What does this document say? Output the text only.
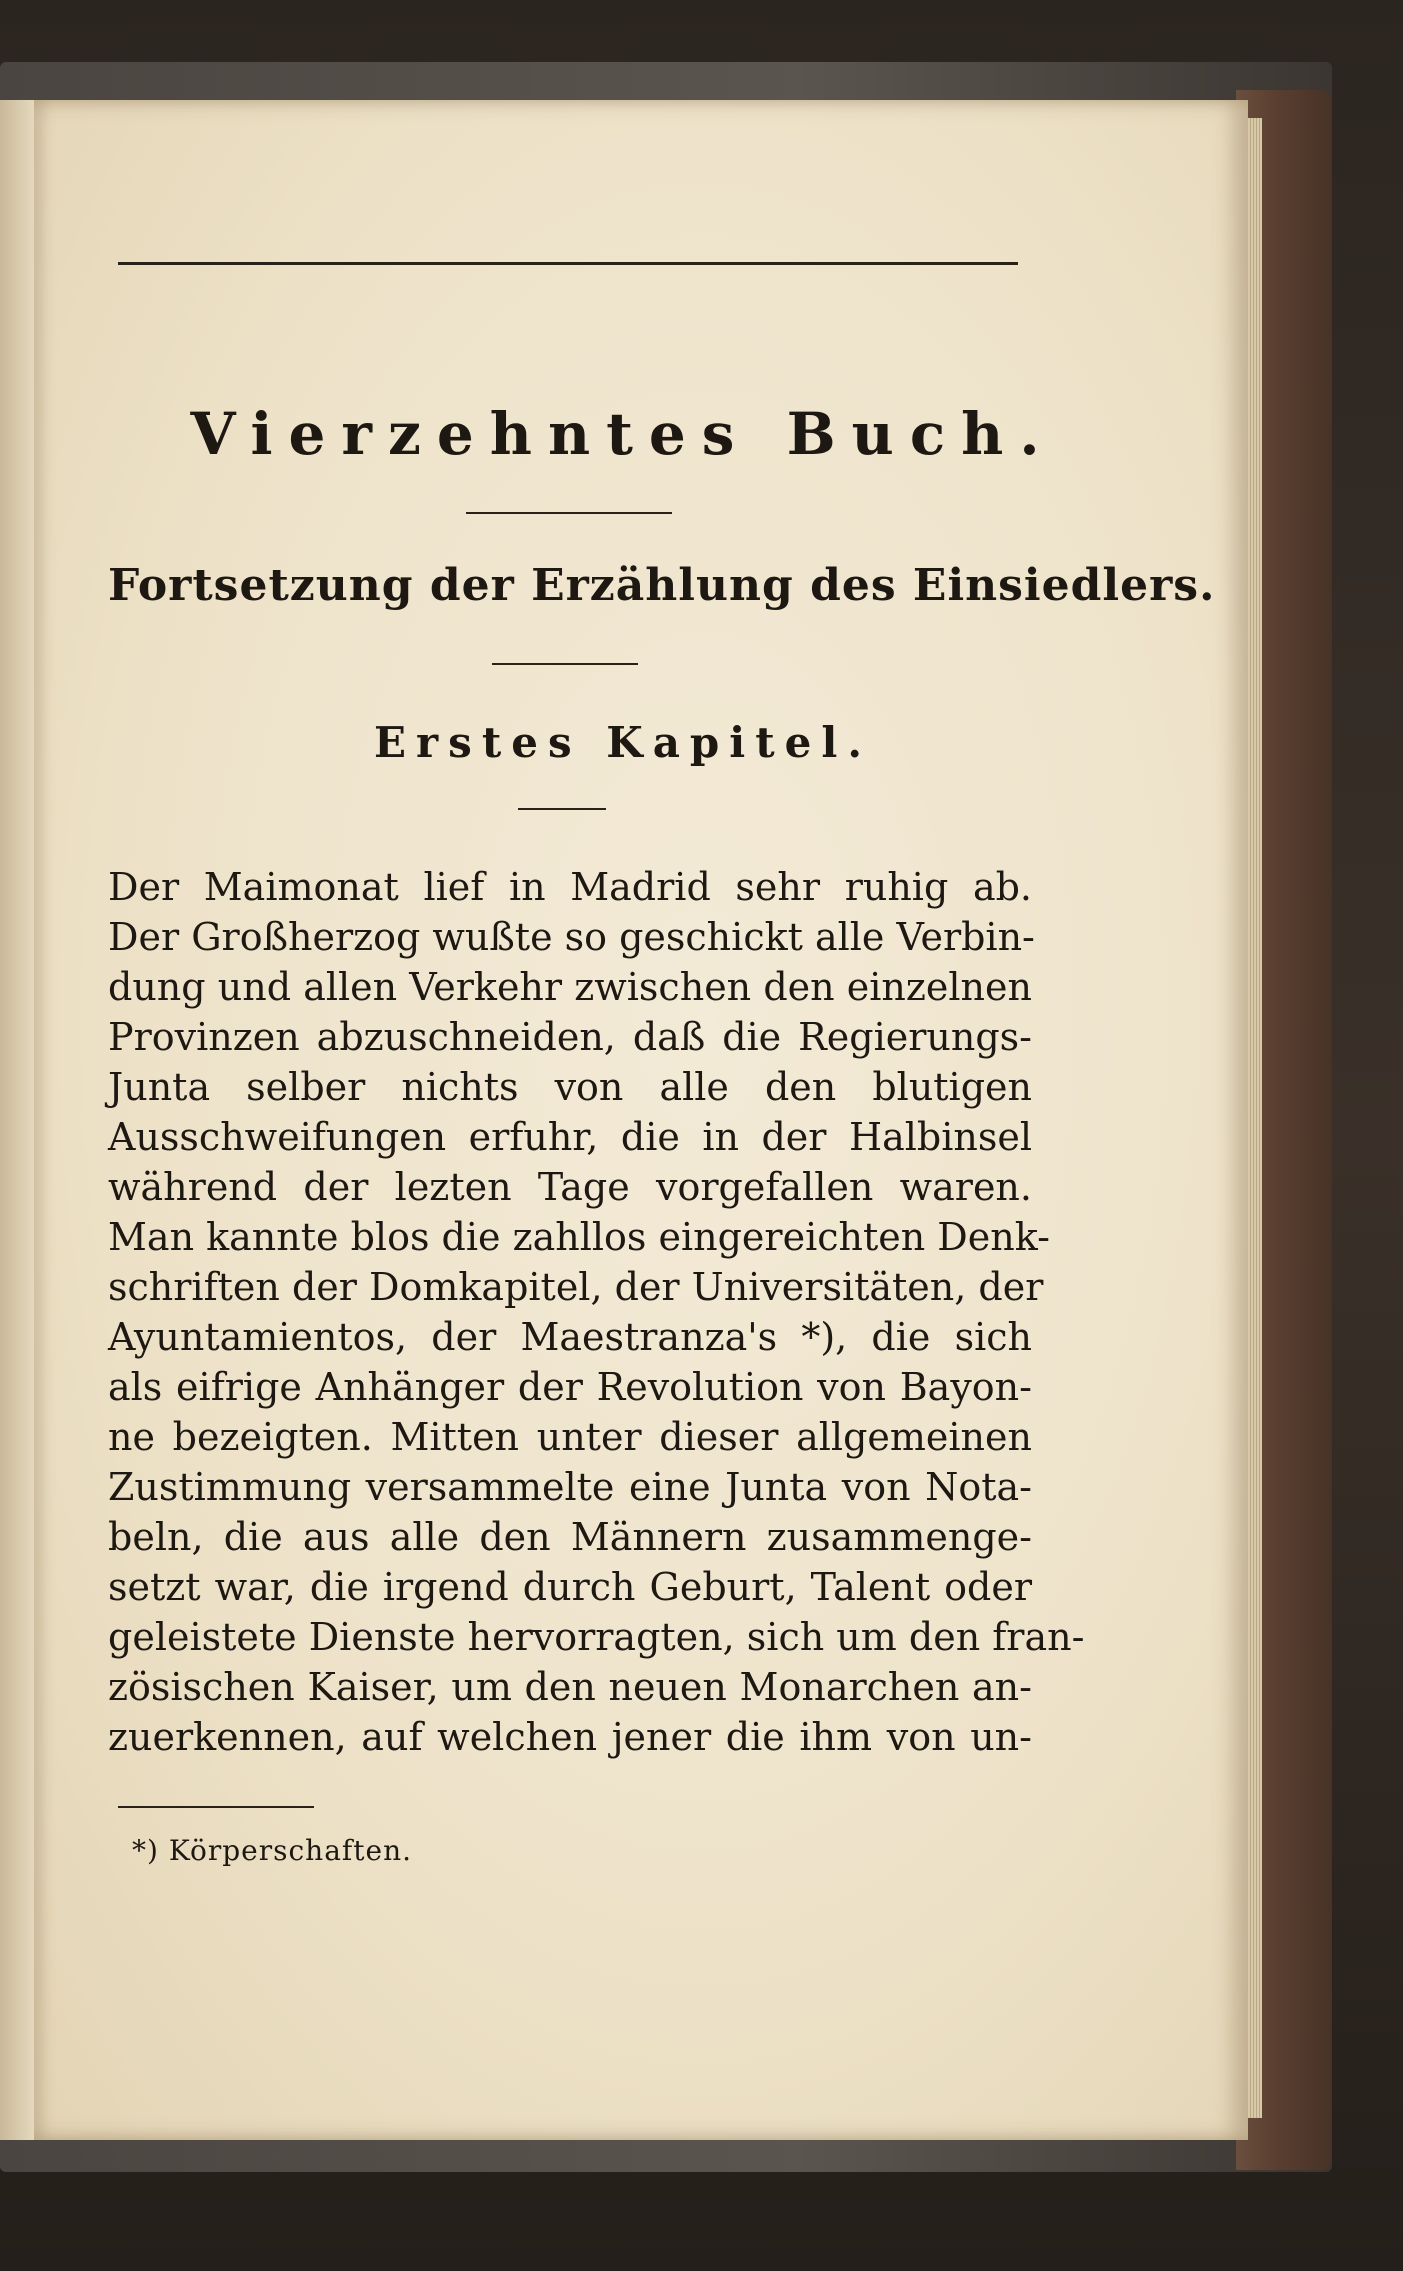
Vierzehntes Buch.
Fortsetzung der Erzählung des Einsiedlers.
Erstes Kapitel.
Der Maimonat lief in Madrid sehr ruhig ab.
Der Großherzog wußte so geschickt alle Verbin-
dung und allen Verkehr zwischen den einzelnen
Provinzen abzuschneiden, daß die Regierungs-
Junta selber nichts von alle den blutigen
Ausschweifungen erfuhr, die in der Halbinsel
während der lezten Tage vorgefallen waren.
Man kannte blos die zahllos eingereichten Denk-
schriften der Domkapitel, der Universitäten, der
Ayuntamientos, der Maestranza's *), die sich
als eifrige Anhänger der Revolution von Bayon-
ne bezeigten. Mitten unter dieser allgemeinen
Zustimmung versammelte eine Junta von Nota-
beln, die aus alle den Männern zusammenge-
setzt war, die irgend durch Geburt, Talent oder
geleistete Dienste hervorragten, sich um den fran-
zösischen Kaiser, um den neuen Monarchen an-
zuerkennen, auf welchen jener die ihm von un-
*) Körperschaften.
